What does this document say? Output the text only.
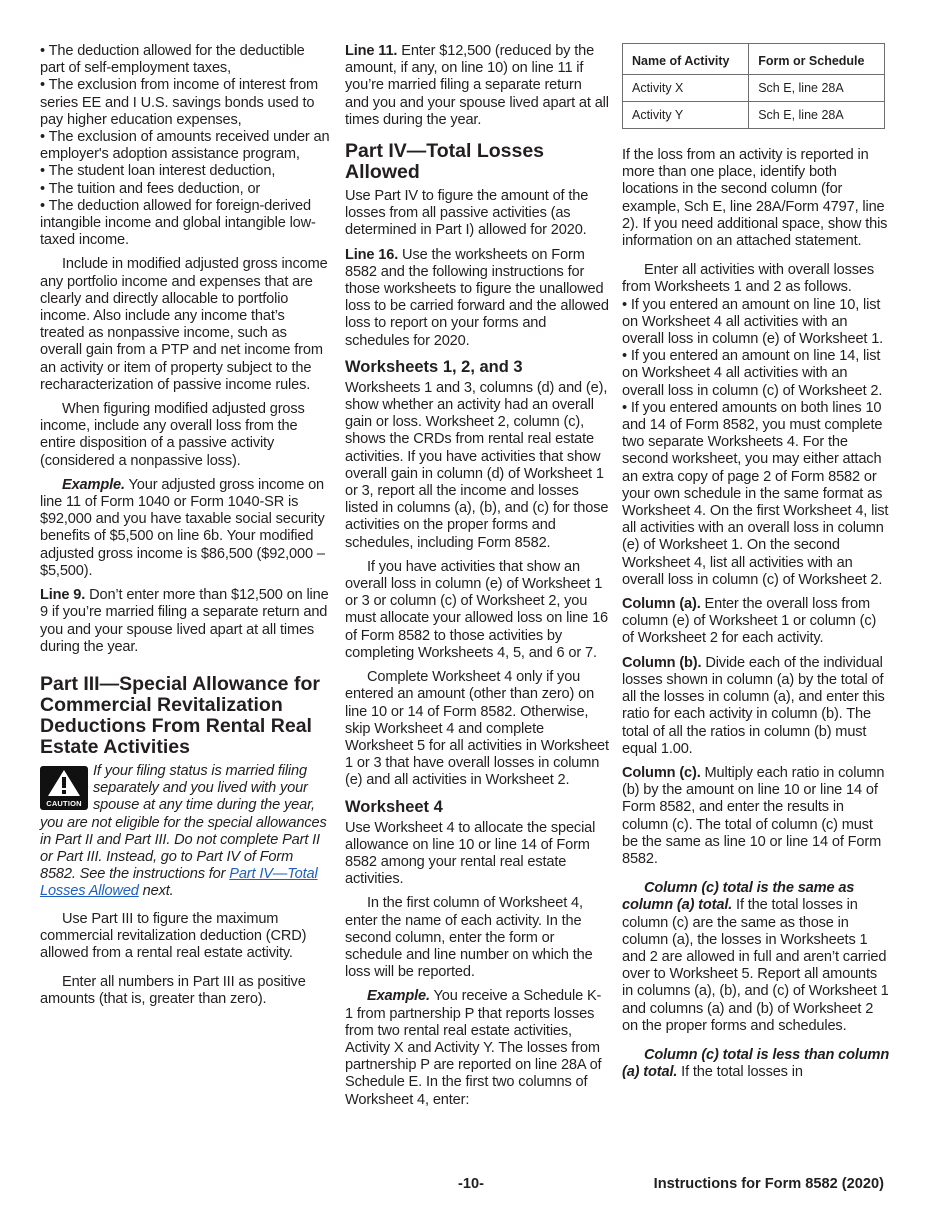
• The deduction allowed for the deductible part of self-employment taxes,

• The exclusion from income of interest from series EE and I U.S. savings bonds used to pay higher education expenses,

• The exclusion of amounts received under an employer's adoption assistance program,

• The student loan interest deduction,

• The tuition and fees deduction, or

• The deduction allowed for foreign-derived intangible income and global intangible low-taxed income.

Include in modified adjusted gross income any portfolio income and expenses that are clearly and directly allocable to portfolio income. Also include any income that’s treated as nonpassive income, such as overall gain from a PTP and net income from an activity or item of property subject to the recharacterization of passive income rules.

When figuring modified adjusted gross income, include any overall loss from the entire disposition of a passive activity (considered a nonpassive loss).

Example. Your adjusted gross income on line 11 of Form 1040 or Form 1040-SR is $92,000 and you have taxable social security benefits of $5,500 on line 6b. Your modified adjusted gross income is $86,500 ($92,000 – $5,500).

Line 9. Don’t enter more than $12,500 on line 9 if you’re married filing a separate return and you and your spouse lived apart at all times during the year.

Part III—Special Allowance for Commercial Revitalization Deductions From Rental Real Estate Activities
CAUTION
If your filing status is married filing separately and you lived with your spouse at any time during the year, you are not eligible for the special allowances in Part II and Part III. Do not complete Part II or Part III. Instead, go to Part IV of Form 8582. See the instructions for Part IV—Total Losses Allowed next.

Use Part III to figure the maximum commercial revitalization deduction (CRD) allowed from a rental real estate activity.

Enter all numbers in Part III as positive amounts (that is, greater than zero).

Line 11. Enter $12,500 (reduced by the amount, if any, on line 10) on line 11 if you’re married filing a separate return and you and your spouse lived apart at all times during the year.

Part IV—Total Losses Allowed

Use Part IV to figure the amount of the losses from all passive activities (as determined in Part I) allowed for 2020.

Line 16. Use the worksheets on Form 8582 and the following instructions for those worksheets to figure the unallowed loss to be carried forward and the allowed loss to report on your forms and schedules for 2020.

Worksheets 1, 2, and 3

Worksheets 1 and 3, columns (d) and (e), show whether an activity had an overall gain or loss. Worksheet 2, column (c), shows the CRDs from rental real estate activities. If you have activities that show overall gain in column (d) of Worksheet 1 or 3, report all the income and losses listed in columns (a), (b), and (c) for those activities on the proper forms and schedules, including Form 8582.

If you have activities that show an overall loss in column (e) of Worksheet 1 or 3 or column (c) of Worksheet 2, you must allocate your allowed loss on line 16 of Form 8582 to those activities by completing Worksheets 4, 5, and 6 or 7.

Complete Worksheet 4 only if you entered an amount (other than zero) on line 10 or 14 of Form 8582. Otherwise, skip Worksheet 4 and complete Worksheet 5 for all activities in Worksheet 1 or 3 that have overall losses in column (e) and all activities in Worksheet 2.

Worksheet 4

Use Worksheet 4 to allocate the special allowance on line 10 or line 14 of Form 8582 among your rental real estate activities.

In the first column of Worksheet 4, enter the name of each activity. In the second column, enter the form or schedule and line number on which the loss will be reported.

Example. You receive a Schedule K-1 from partnership P that reports losses from two rental real estate activities, Activity X and Activity Y. The losses from partnership P are reported on line 28A of Schedule E. In the first two columns of Worksheet 4, enter:

Name of Activity	Form or Schedule
Activity X	Sch E, line 28A
Activity Y	Sch E, line 28A

If the loss from an activity is reported in more than one place, identify both locations in the second column (for example, Sch E, line 28A/Form 4797, line 2). If you need additional space, show this information on an attached statement.

Enter all activities with overall losses from Worksheets 1 and 2 as follows.

• If you entered an amount on line 10, list on Worksheet 4 all activities with an overall loss in column (e) of Worksheet 1.

• If you entered an amount on line 14, list on Worksheet 4 all activities with an overall loss in column (c) of Worksheet 2.

• If you entered amounts on both lines 10 and 14 of Form 8582, you must complete two separate Worksheets 4. For the second worksheet, you may either attach an extra copy of page 2 of Form 8582 or your own schedule in the same format as Worksheet 4. On the first Worksheet 4, list all activities with an overall loss in column (e) of Worksheet 1. On the second Worksheet 4, list all activities with an overall loss in column (c) of Worksheet 2.

Column (a). Enter the overall loss from column (e) of Worksheet 1 or column (c) of Worksheet 2 for each activity.

Column (b). Divide each of the individual losses shown in column (a) by the total of all the losses in column (a), and enter this ratio for each activity in column (b). The total of all the ratios in column (b) must equal 1.00.

Column (c). Multiply each ratio in column (b) by the amount on line 10 or line 14 of Form 8582, and enter the results in column (c). The total of column (c) must be the same as line 10 or line 14 of Form 8582.

Column (c) total is the same as column (a) total. If the total losses in column (c) are the same as those in column (a), the losses in Worksheets 1 and 2 are allowed in full and aren’t carried over to Worksheet 5. Report all amounts in columns (a), (b), and (c) of Worksheet 1 and columns (a) and (b) of Worksheet 2 on the proper forms and schedules.

Column (c) total is less than column (a) total. If the total losses in

-10-	Instructions for Form 8582 (2020)
